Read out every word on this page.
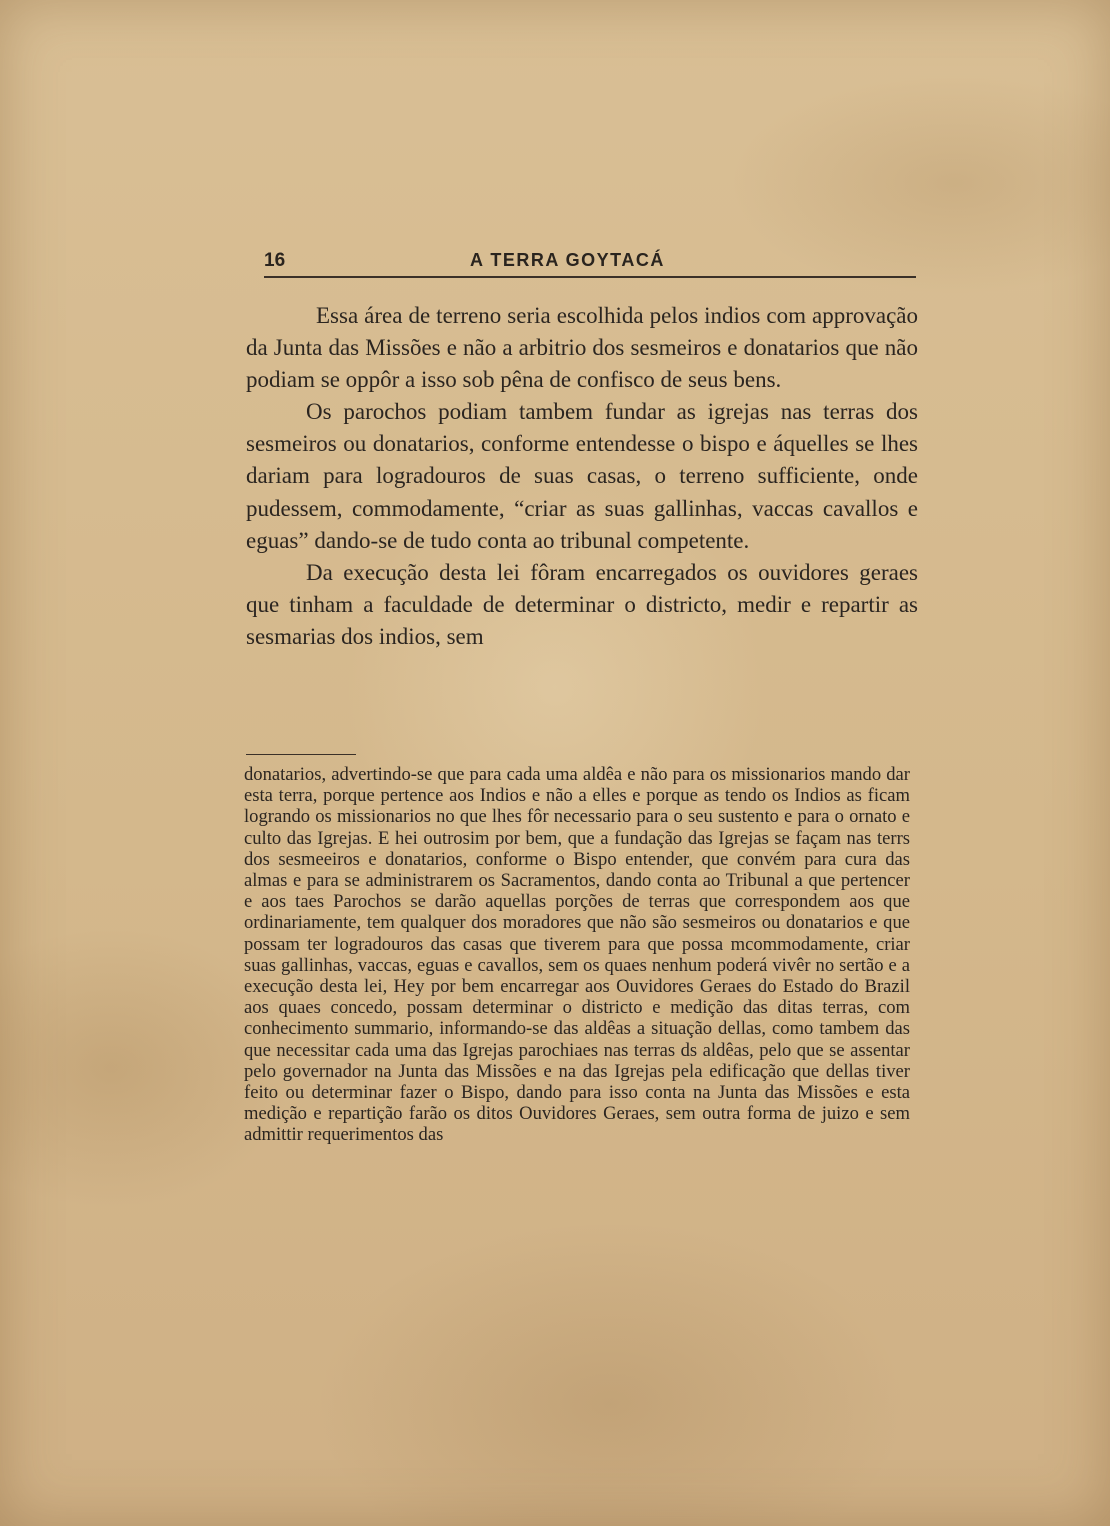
16	A TERRA GOYTACÁ

Essa área de terreno seria escolhida pelos indios com approvação da Junta das Missões e não a arbitrio dos sesmeiros e donatarios que não podiam se oppôr a isso sob pêna de confisco de seus bens.

Os parochos podiam tambem fundar as igrejas nas terras dos sesmeiros ou donatarios, conforme entendesse o bispo e áquelles se lhes dariam para logradouros de suas casas, o terreno sufficiente, onde pudessem, commodamente, “criar as suas gallinhas, vaccas cavallos e eguas” dando-se de tudo conta ao tribunal competente.

Da execução desta lei fôram encarregados os ouvidores geraes que tinham a faculdade de determinar o districto, medir e repartir as sesmarias dos indios, sem

donatarios, advertindo-se que para cada uma aldêa e não para os missionarios mando dar esta terra, porque pertence aos Indios e não a elles e porque as tendo os Indios as ficam logrando os missionarios no que lhes fôr necessario para o seu sustento e para o ornato e culto das Igrejas. E hei outrosim por bem, que a fundação das Igrejas se façam nas terrs dos sesmeeiros e donatarios, conforme o Bispo entender, que convém para cura das almas e para se administrarem os Sacramentos, dando conta ao Tribunal a que pertencer e aos taes Parochos se darão aquellas porções de terras que correspondem aos que ordinariamente, tem qualquer dos moradores que não são sesmeiros ou donatarios e que possam ter logradouros das casas que tiverem para que possa mcommodamente, criar suas gallinhas, vaccas, eguas e cavallos, sem os quaes nenhum poderá vivêr no sertão e a execução desta lei, Hey por bem encarregar aos Ouvidores Geraes do Estado do Brazil aos quaes concedo, possam determinar o districto e medição das ditas terras, com conhecimento summario, informando-se das aldêas a situação dellas, como tambem das que necessitar cada uma das Igrejas parochiaes nas terras ds aldêas, pelo que se assentar pelo governador na Junta das Missões e na das Igrejas pela edificação que dellas tiver feito ou determinar fazer o Bispo, dando para isso conta na Junta das Missões e esta medição e repartição farão os ditos Ouvidores Geraes, sem outra forma de juizo e sem admittir requerimentos das
